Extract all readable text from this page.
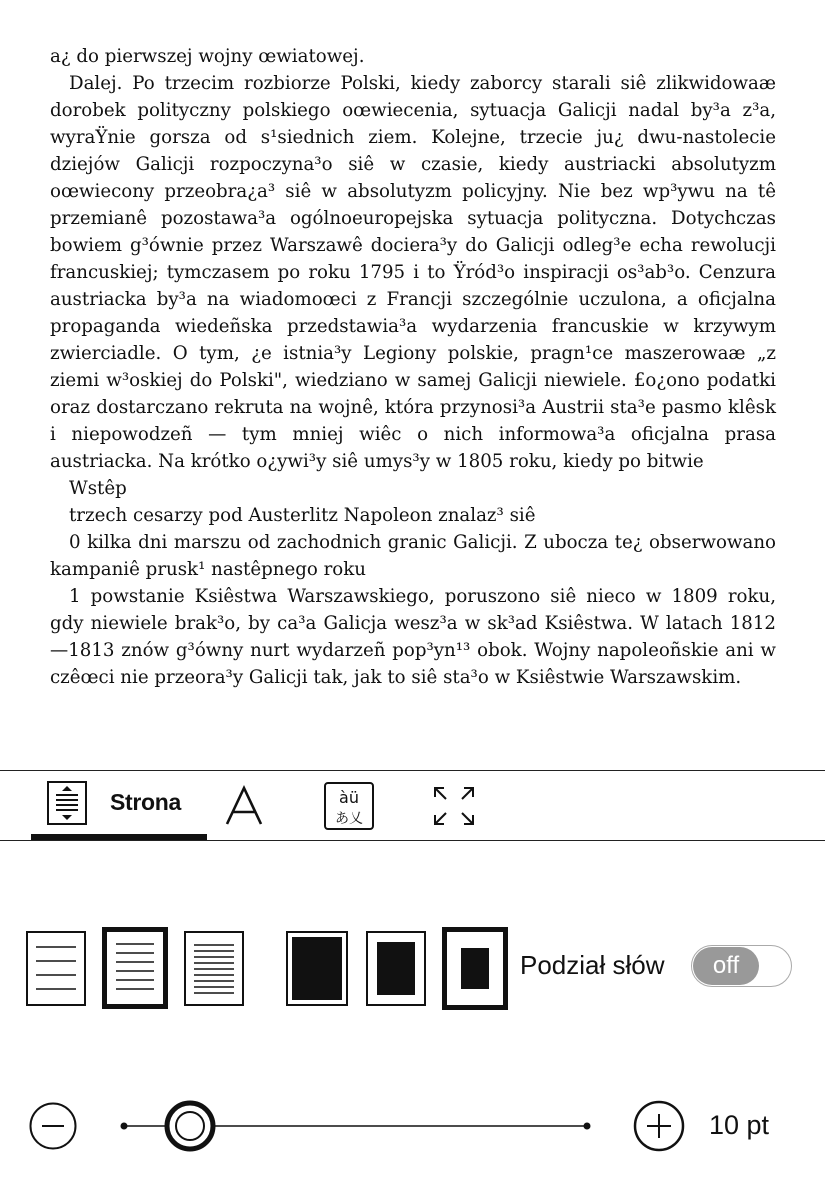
a¿ do pierwszej wojny œwiatowej.

Dalej. Po trzecim rozbiorze Polski, kiedy zaborcy starali siê zlikwidowaæ dorobek polityczny polskiego oœwiecenia, sytuacja Galicji nadal by³a z³a, wyraŸnie gorsza od s¹siednich ziem. Kolejne, trzecie ju¿ dwu-nastolecie dziejów Galicji rozpoczyna³o siê w czasie, kiedy austriacki absolutyzm oœwiecony przeobra¿a³ siê w absolutyzm policyjny. Nie bez wp³ywu na tê przemianê pozostawa³a ogólnoeuropejska sytuacja polityczna. Dotychczas bowiem g³ównie przez Warszawê dociera³y do Galicji odleg³e echa rewolucji francuskiej; tymczasem po roku 1795 i to Ÿród³o inspiracji os³ab³o. Cenzura austriacka by³a na wiadomoœci z Francji szczególnie uczulona, a oficjalna propaganda wiedeñska przedstawia³a wydarzenia francuskie w krzywym zwierciadle. O tym, ¿e istnia³y Legiony polskie, pragn¹ce maszerowaæ „z ziemi w³oskiej do Polski", wiedziano w samej Galicji niewiele. £o¿ono podatki oraz dostarczano rekruta na wojnê, która przynosi³a Austrii sta³e pasmo klêsk i niepowodzeñ — tym mniej wiêc o nich informowa³a oficjalna prasa austriacka. Na krótko o¿ywi³y siê umys³y w 1805 roku, kiedy po bitwie

Wstêp

trzech cesarzy pod Austerlitz Napoleon znalaz³ siê

0 kilka dni marszu od zachodnich granic Galicji. Z ubocza te¿ obserwowano kampaniê prusk¹ nastêpnego roku

1 powstanie Ksiêstwa Warszawskiego, poruszono siê nieco w 1809 roku, gdy niewiele brak³o, by ca³a Galicja wesz³a w sk³ad Ksiêstwa. W latach 1812—1813 znów g³ówny nurt wydarzeñ pop³yn¹³ obok. Wojny napoleoñskie ani w czêœci nie przeora³y Galicji tak, jak to siê sta³o w Ksiêstwie Warszawskim.

Strona	àü
あ乂
Podział słów	off
10 pt
